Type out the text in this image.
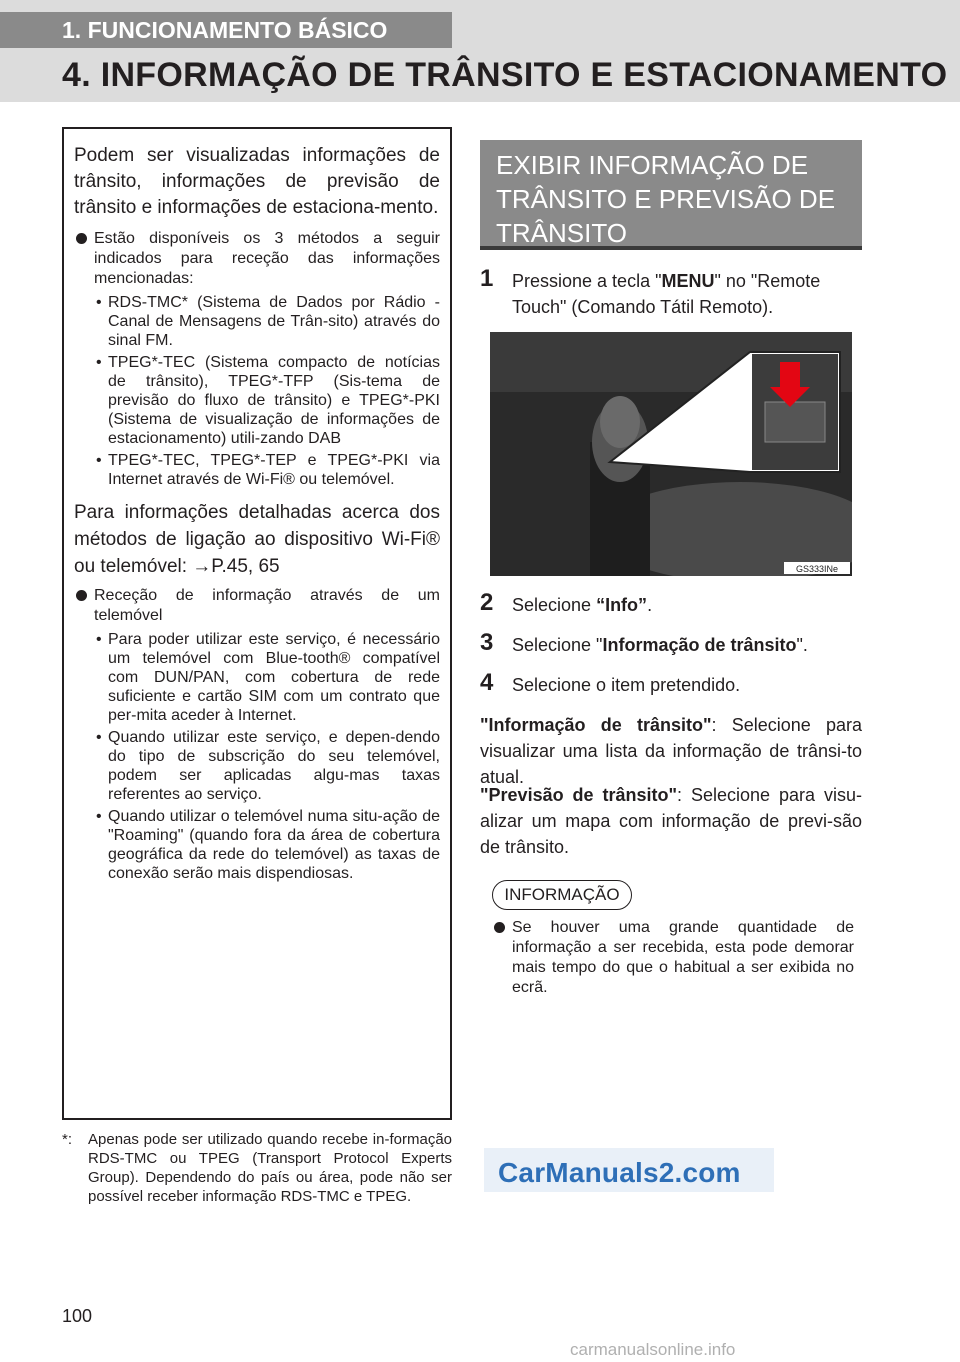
1. FUNCIONAMENTO BÁSICO
4. INFORMAÇÃO DE TRÂNSITO E ESTACIONAMENTO

Podem ser visualizadas informações de trânsito, informações de previsão de trânsito e informações de estaciona-mento.

Estão disponíveis os 3 métodos a seguir indicados para receção das informações mencionadas:
• RDS-TMC* (Sistema de Dados por Rádio - Canal de Mensagens de Trân-sito) através do sinal FM.
• TPEG*-TEC (Sistema compacto de notícias de trânsito), TPEG*-TFP (Sis-tema de previsão do fluxo de trânsito) e TPEG*-PKI (Sistema de visualização de informações de estacionamento) utili-zando DAB
• TPEG*-TEC, TPEG*-TEP e TPEG*-PKI via Internet através de Wi-Fi® ou telemóvel.

Para informações detalhadas acerca dos métodos de ligação ao dispositivo Wi-Fi® ou telemóvel: →P.45, 65

Receção de informação através de um telemóvel
• Para poder utilizar este serviço, é necessário um telemóvel com Blue-tooth® compatível com DUN/PAN, com cobertura de rede suficiente e cartão SIM com um contrato que per-mita aceder à Internet.
• Quando utilizar este serviço, e depen-dendo do tipo de subscrição do seu telemóvel, podem ser aplicadas algu-mas taxas referentes ao serviço.
• Quando utilizar o telemóvel numa situ-ação de "Roaming" (quando fora da área de cobertura geográfica da rede do telemóvel) as taxas de conexão serão mais dispendiosas.
*:	Apenas pode ser utilizado quando recebe in-formação RDS-TMC ou TPEG (Transport Protocol Experts Group). Dependendo do país ou área, pode não ser possível receber informação RDS-TMC e TPEG.
EXIBIR INFORMAÇÃO DE TRÂNSITO E PREVISÃO DE TRÂNSITO
1	Pressione a tecla "MENU" no "Remote Touch" (Comando Tátil Remoto).
GS333INe
2	Selecione “Info”.
3	Selecione "Informação de trânsito".
4	Selecione o item pretendido.
"Informação de trânsito": Selecione para visualizar uma lista da informação de trânsi-to atual.
"Previsão de trânsito": Selecione para visu-alizar um mapa com informação de previ-são de trânsito.
INFORMAÇÃO
Se houver uma grande quantidade de informação a ser recebida, esta pode demorar mais tempo do que o habitual a ser exibida no ecrã.
CarManuals2.com
100
carmanualsonline.info
